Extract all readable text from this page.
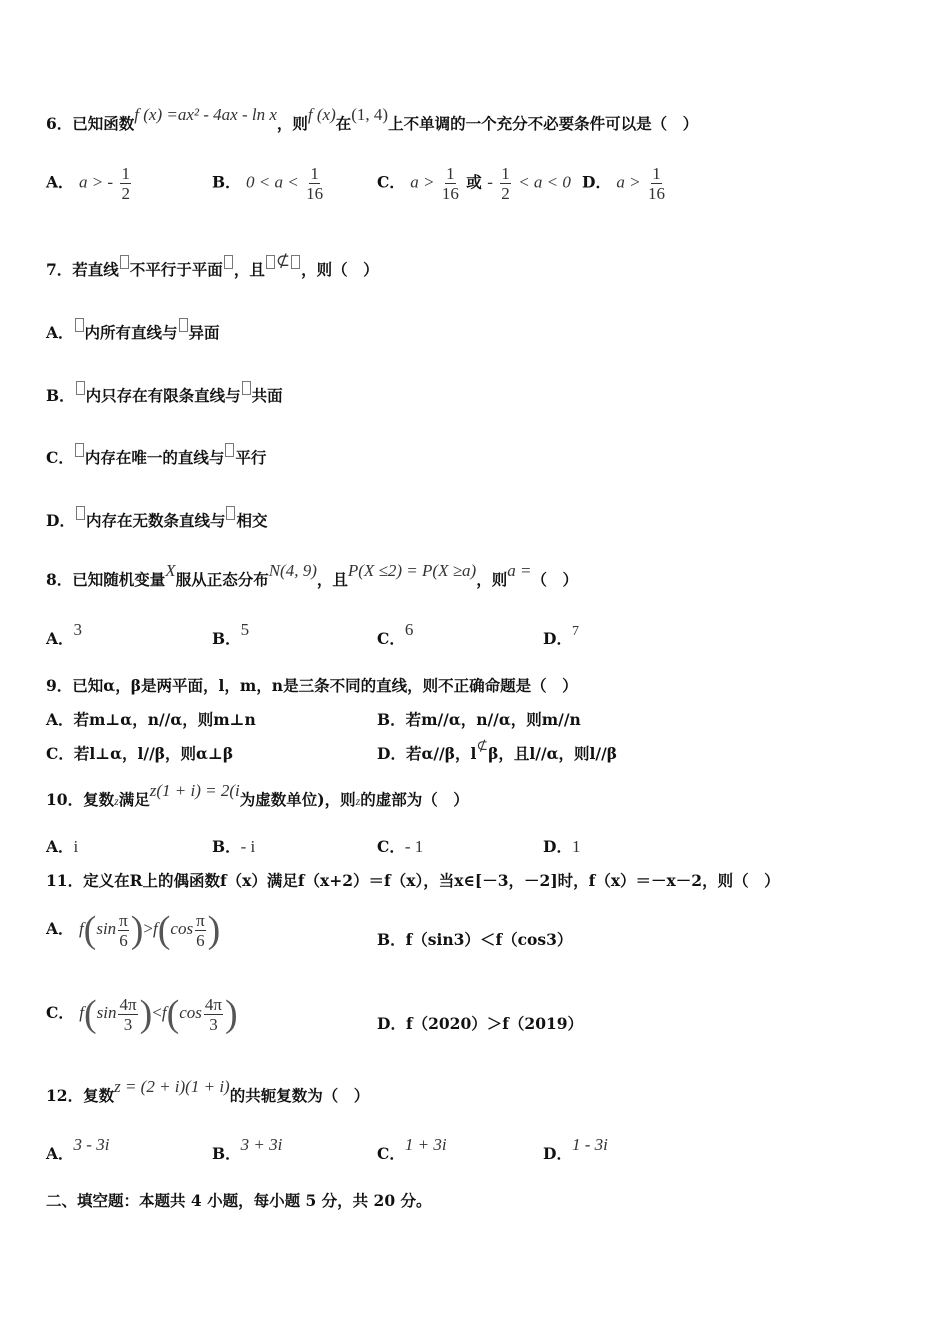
6．已知函数f (x) =ax² - 4ax - ln x，则f (x)在(1, 4)上不单调的一个充分不必要条件可以是（　）
A． a > - $\frac{1}{2}$	B． $0 < a < \frac{1}{16}$	C． $a > \frac{1}{16}$ 或 - $\frac{1}{2} < a < 0$ D． $a > \frac{1}{16}$
7．若直线 不平行于平面 ，且 ⊄ ，则（　）
A． 内所有直线与 异面
B． 内只存在有限条直线与 共面
C． 内存在唯一的直线与 平行
D． 内存在无数条直线与 相交
8．已知随机变量X服从正态分布N(4, 9)，且P(X ≤2) = P(X ≥a)，则a =（　）
A．3	B．5	C．6	D．7
9．已知α，β是两平面，l，m，n是三条不同的直线，则不正确命题是（　）
A．若m⊥α，n//α，则m⊥n	B．若m//α，n//α，则m//n
C．若l⊥α，l//β，则α⊥β	D．若α//β，l⊄β，且l//α，则l//β
10．复数z满足z(1 + i) = 2(i为虚数单位)，则z的虚部为（　）
A．i	B．- i	C．- 1	D．1
11．定义在R上的偶函数f（x）满足f（x+2）＝f（x），当x∈[－3，－2]时，f（x）＝－x－2，则（　）
A． $f(\sin \frac{\pi}{6} )>f(\cos \frac{\pi}{6}$ )	B．f（sin3）＜f（cos3）
C． $f(\sin \frac{4\pi}{3} )<f(\cos \frac{4\pi}{3}$ )	D．f（2020）＞f（2019）
12．复数z = (2 + i)(1 + i)的共轭复数为（　）
A．3 - 3i	B．3 + 3i	C．1 + 3i	D．1 - 3i
二、填空题：本题共 4 小题，每小题 5 分，共 20 分。
